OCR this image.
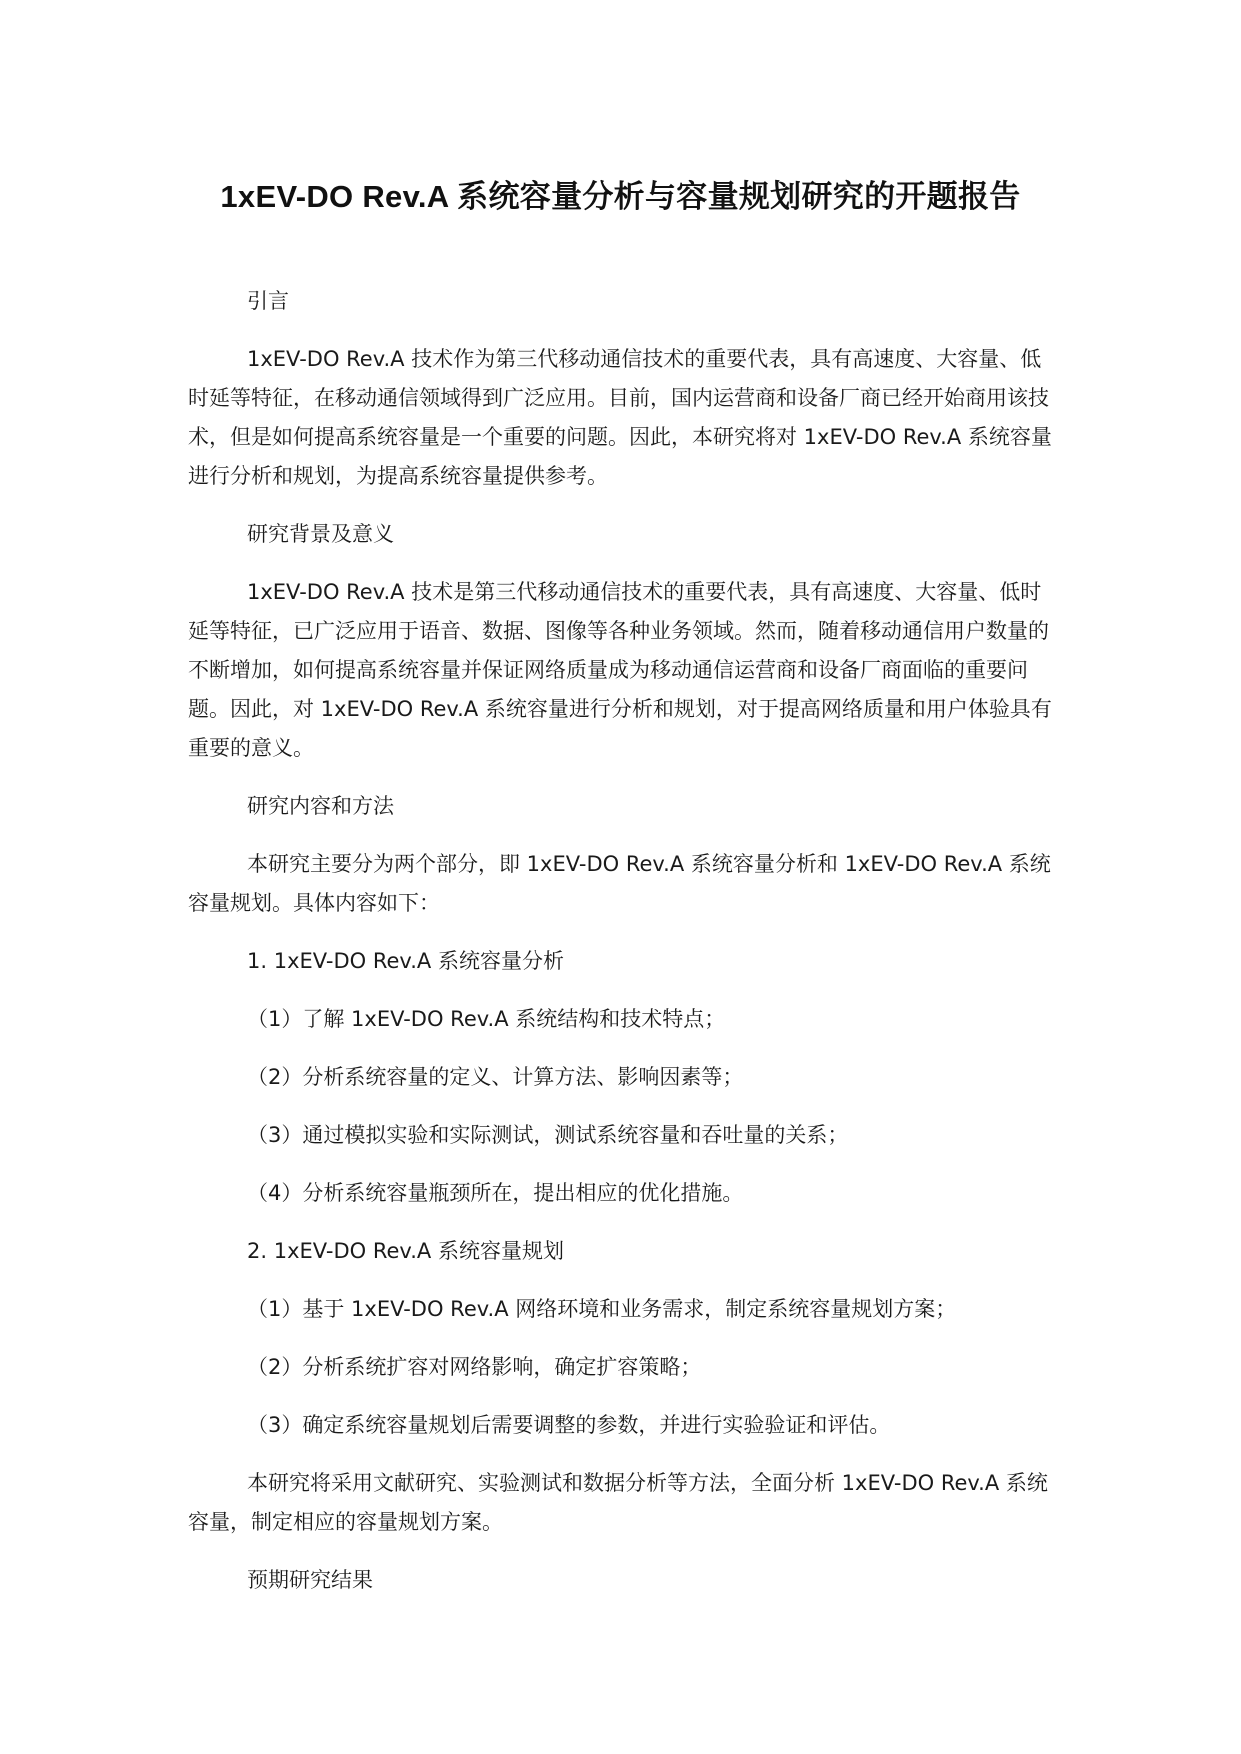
1xEV-DO Rev.A 系统容量分析与容量规划研究的开题报告

引言

1xEV-DO Rev.A 技术作为第三代移动通信技术的重要代表，具有高速度、大容量、低时延等特征，在移动通信领域得到广泛应用。目前，国内运营商和设备厂商已经开始商用该技术，但是如何提高系统容量是一个重要的问题。因此，本研究将对 1xEV-DO Rev.A 系统容量进行分析和规划，为提高系统容量提供参考。

研究背景及意义

1xEV-DO Rev.A 技术是第三代移动通信技术的重要代表，具有高速度、大容量、低时延等特征，已广泛应用于语音、数据、图像等各种业务领域。然而，随着移动通信用户数量的不断增加，如何提高系统容量并保证网络质量成为移动通信运营商和设备厂商面临的重要问题。因此，对 1xEV-DO Rev.A 系统容量进行分析和规划，对于提高网络质量和用户体验具有重要的意义。

研究内容和方法

本研究主要分为两个部分，即 1xEV-DO Rev.A 系统容量分析和 1xEV-DO Rev.A 系统容量规划。具体内容如下：

1. 1xEV-DO Rev.A 系统容量分析

（1）了解 1xEV-DO Rev.A 系统结构和技术特点；

（2）分析系统容量的定义、计算方法、影响因素等；

（3）通过模拟实验和实际测试，测试系统容量和吞吐量的关系；

（4）分析系统容量瓶颈所在，提出相应的优化措施。

2. 1xEV-DO Rev.A 系统容量规划

（1）基于 1xEV-DO Rev.A 网络环境和业务需求，制定系统容量规划方案；

（2）分析系统扩容对网络影响，确定扩容策略；

（3）确定系统容量规划后需要调整的参数，并进行实验验证和评估。

本研究将采用文献研究、实验测试和数据分析等方法，全面分析 1xEV-DO Rev.A 系统容量，制定相应的容量规划方案。

预期研究结果
